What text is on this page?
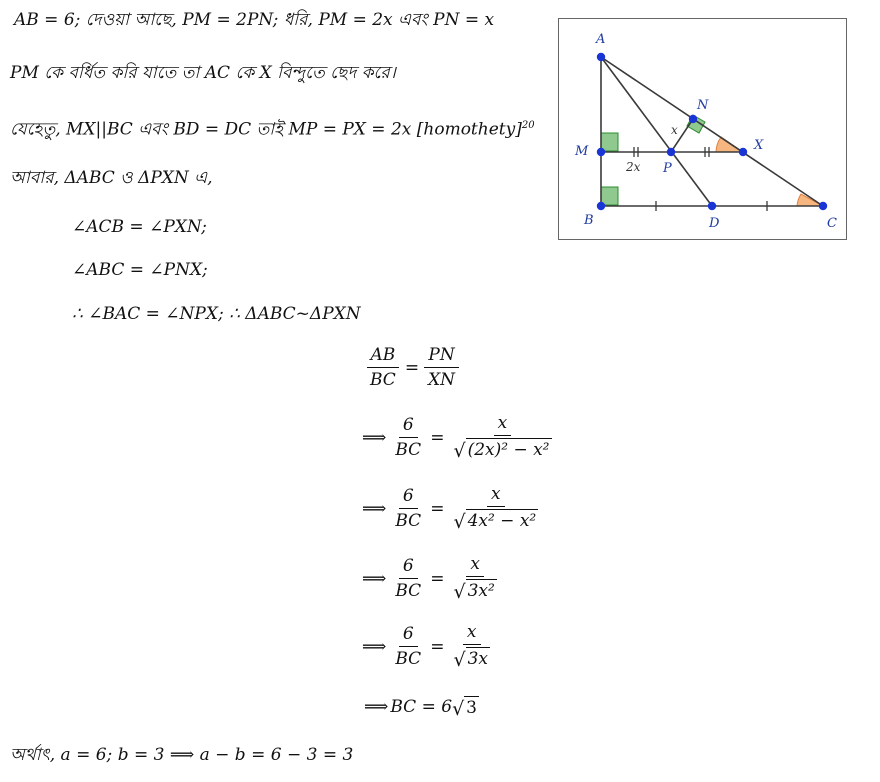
AB = 6; দেওয়া আছে, PM = 2PN; ধরি, PM = 2x এবং PN = x
PM কে বর্ধিত করি যাতে তা AC কে X বিন্দুতে ছেদ করে।
যেহেতু, MX||BC এবং BD = DC তাই MP = PX = 2x [homothety]$^{20}$
আবার, ΔABC ও ΔPXN এ,
∠ACB = ∠PXN;
∠ABC = ∠PNX;
∴ ∠BAC = ∠NPX; ∴ ΔABC~ΔPXN
$\frac{AB}{BC} = \frac{PN}{XN}$
⟹ $\frac{6}{BC} = \frac{x}{\text{√ (2x)² − x²}}$
⟹ $\frac{6}{BC} = \frac{x}{\text{√ 4x² − x²}}$
⟹ $\frac{6}{BC} = \frac{x}{\text{√ 3x²}}$
⟹ $\frac{6}{BC} = \frac{x}{√ 3x}$
⟹ BC = 6 √ 3
অর্থাৎ, a = 6; b = 3 ⟹ a − b = 6 − 3 = 3
A
N
X
M
P
B	D	C
x
2x
